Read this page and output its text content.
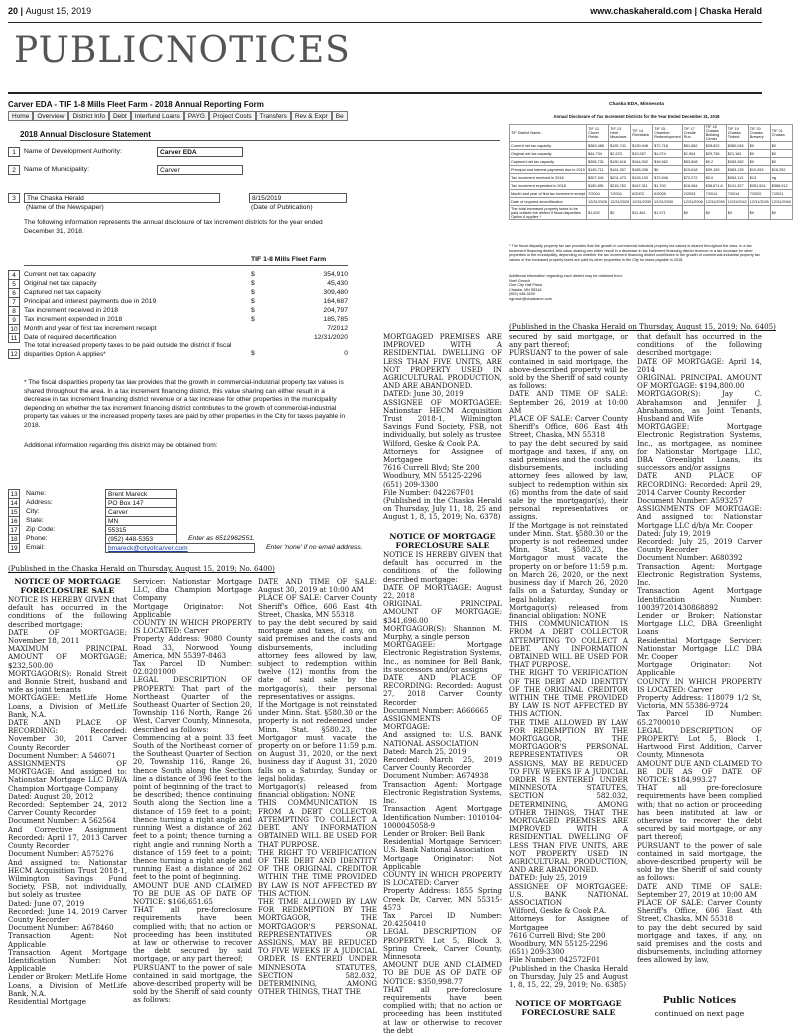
20 | August 15, 2019	www.chaskaherald.com | Chaska Herald
PUBLICNOTICES
Carver EDA - TIF 1-8 Mills Fleet Farm - 2018 Annual Reporting Form
Home	Overview	District Info	Debt	Interfund Loans	PAYG	Project Costs	Transfers	Rev & Expr	Be
2018 Annual Disclosure Statement
1	Name of Development Authority:	Carver EDA
2	Name of Municipality:	Carver
3	The Chaska Herald
(Name of the Newspaper)
8/15/2019
(Date of Publication)
The following information represents the annual disclosure of tax increment districts for the year ended December 31, 2018.
TIF 1-8 Mills Fleet Farm
4	Current net tax capacity	$	354,910
5	Original net tax capacity	$	45,430
6	Captured net tax capacity	$	309,480
7	Principal and interest payments due in 2019	$	164,687
8	Tax increment received in 2018	$	204,797
9	Tax increment expended in 2018	$	185,785
10 Month and year of first tax increment receipt	7/2012
11 Date of required decertification	12/31/2020
12
The total increased property taxes to be paid outside the district if fiscal disparities Option A applies*	$	0
* The fiscal disparities property tax law provides that the growth in commercial-industrial property tax values is shared throughout the area. In a tax increment financing district, this value sharing can either result in a decrease in tax increment financing district revenue or a tax increase for other properties in the municipality depending on whether the tax increment financing district contributes to the growth of commercial-industrial property tax values or the increased property taxes are paid by other properties in the City for taxes payable in 2018.
Additional information regarding this district may be obtained from:
13	Name:	Brent Mareck
14	Address:	PO Box 147
15	City:	Carver
16	State:	MN
17	Zip Code:	55315
18	Phone:	(952) 448-5353	Enter as 6512962551.
19	Email:	bmareck@cityofcarver.com	Enter 'none' if no email address.
Chaska EDA, Minnesota
Annual Disclosure of Tax Increment Districts for the Year Ended December 31, 2018
TIF District Name:	TIF 12 Clover Fields	TIF 13 Herb Meadows	TIF 14 Riverbank	TIF 15 Chamber Redevelopment	TIF 17 Crestle Run	TIF 18 Chaska Building Center	TIF 19 Chaska Trident	TIF 20 Chaska Brewery	TIF 21 Chaska
Current net tax capacity	$363,465	$192,741	$130,948	$72,718	$51,582	$28,822	$380,045	$0	$0
Original net tax capacity	$44,734	$2,223	$19,267	$1,074	$1,904	$29,736	$21,181	$0	$0
Captured net tax capacity	$308,731	$190,518	$164,302	$16,962	$53,608	$0.2	$283,282	$0	$0
Principal and interest payments due in 2019	$145,711	$161,307	$185,338	$0	$19,618	$39,159	$383,135	$10,493	$16,252
Tax increment received in 2018	$307,341	$201,473	$126,193	$72,946	$72,272	$0.0	$284,113	$13	ng
Tax increment expended in 2018	$150,851	$215,762	$167,311	$1,700	$16,064	$38,871.8	$101,327	$281,524	$388,912
Month and year of first tax increment receipt	7/2004	7/2004	6/2003	6/2005	2/2003	7/2014	7/2014	7/2020	7/2021
Date of required decertification	12/31/2026	12/31/2029	12/31/2030	12/31/2030	12/31/2006	12/31/2039	12/31/2042	12/31/2045	12/31/2046
The total increased property taxes to be paid outside the district if fiscal disparities Option A applies *	$1,632	$0	$11,461	$1,971	$0	$0	$0	$0	$0
* The fiscal disparity property tax law provides that the growth in commercial-industrial property tax values is shared throughout the area. In a tax increment financing district, this value sharing can either result in a decrease in tax increment financing district revenue or a tax increase for other properties in the municipality, depending on whether the tax increment financing district contributes to the growth of commercial-industrial property tax values or the increased property taxes are paid by other properties in the City for taxes payable in 2018.
Additional information regarding each district may be obtained from:
Noel Grosch
One City Hall Plaza
Chaska, MN 55318
(952) 448-9200
ngrosch@chaskamn.com
(Published in the Chaska Herald on Thursday, August 15, 2019; No. 6405)
(Published in the Chaska Herald on Thursday, August 15, 2019; No. 6400)
NOTICE OF MORTGAGE
FORECLOSURE SALE
NOTICE IS HEREBY GIVEN that default has occurred in the conditions of the following described mortgage:
DATE OF MORTGAGE: November 18, 2011
MAXIMUM PRINCIPAL AMOUNT OF MORTGAGE: $232,500.00
MORTGAGOR(S): Ronald Streit and Bonnie Streit, husband and wife as joint tenants
MORTGAGEE: MetLife Home Loans, a Division of MetLife Bank, N.A.
DATE AND PLACE OF RECORDING: Recorded: November 30, 2011 Carver County Recorder
Document Number: A 546071
ASSIGNMENTS OF MORTGAGE: And assigned to: Nationstar Mortgage LLC D/B/A Champion Mortgage Company
Dated: August 20, 2012
Recorded: September 24, 2012 Carver County Recorder
Document Number: A 562564
And Corrective Assignment Recorded: April 17, 2013 Carver County Recorder
Document Number: A575276
And assigned to: Nationstar HECM Acquisition Trust 2018-1, Wilmington Savings Fund Society, FSB, not individually, but solely as trustee
Dated: June 07, 2019
Recorded: June 14, 2019 Carver County Recorder
Document Number: A678460
Transaction Agent: Not Applicable
Transaction Agent Mortgage Identification Number: Not Applicable
Lender or Broker: MetLife Home Loans, a Division of MetLife Bank, N.A.
Residential Mortgage
Servicer: Nationstar Mortgage LLC, dba Champion Mortgage Company
Mortgage Originator: Not Applicable
COUNTY IN WHICH PROPERTY IS LOCATED: Carver
Property Address: 9080 County Road 33, Norwood Young America, MN 55397-8463
Tax Parcel ID Number: 02.0201000
LEGAL DESCRIPTION OF PROPERTY: That part of the Northeast Quarter of the Southeast Quarter of Section 20, Township 116 North, Range 26 West, Carver County, Minnesota, described as follows:
Commencing at a point 33 feet South of the Northeast corner of the Southeast Quarter of Section 20, Township 116, Range 26, thence South along the Section line a distance of 396 feet to the point of beginning of the tract to be described; thence continuing South along the Section line a distance of 159 feet to a point; thence turning a right angle and running West a distance of 262 feet to a point; thence turning a right angle and running North a distance of 159 feet to a point; thence turning a right angle and running East a distance of 262 feet to the point of beginning.
AMOUNT DUE AND CLAIMED TO BE DUE AS OF DATE OF NOTICE: $166,651.65
THAT all pre-foreclosure requirements have been complied with; that no action or proceeding has been instituted at law or otherwise to recover the debt secured by said mortgage, or any part thereof;
PURSUANT to the power of sale contained in said mortgage, the above-described property will be sold by the Sheriff of said county as follows:
DATE AND TIME OF SALE: August 30, 2019 at 10:00 AM
PLACE OF SALE: Carver County Sheriff's Office, 606 East 4th Street, Chaska, MN 55318
to pay the debt secured by said mortgage and taxes, if any, on said premises and the costs and disbursements, including attorney fees allowed by law, subject to redemption within twelve (12) months from the date of said sale by the mortgagor(s), their personal representatives or assigns.
If the Mortgage is not reinstated under Minn. Stat. §580.30 or the property is not redeemed under Minn. Stat. §580.23, the Mortgagor must vacate the property on or before 11:59 p.m. on August 31, 2020, or the next business day if August 31, 2020 falls on a Saturday, Sunday or legal holiday.
Mortgagor(s) released from financial obligation: NONE
THIS COMMUNICATION IS FROM A DEBT COLLECTOR ATTEMPTING TO COLLECT A DEBT. ANY INFORMATION OBTAINED WILL BE USED FOR THAT PURPOSE.
THE RIGHT TO VERIFICATION OF THE DEBT AND IDENTITY OF THE ORIGINAL CREDITOR WITHIN THE TIME PROVIDED BY LAW IS NOT AFFECTED BY THIS ACTION.
THE TIME ALLOWED BY LAW FOR REDEMPTION BY THE MORTGAGOR, THE MORTGAGOR'S PERSONAL REPRESENTATIVES OR ASSIGNS, MAY BE REDUCED TO FIVE WEEKS IF A JUDICIAL ORDER IS ENTERED UNDER MINNESOTA STATUTES, SECTION 582.032, DETERMINING, AMONG OTHER THINGS, THAT THE
MORTGAGED PREMISES ARE IMPROVED WITH A RESIDENTIAL DWELLING OF LESS THAN FIVE UNITS, ARE NOT PROPERTY USED IN AGRICULTURAL PRODUCTION, AND ARE ABANDONED.
DATED: June 30, 2019
ASSIGNEE OF MORTGAGEE: Nationstar HECM Acquisition Trust 2018-1, Wilmington Savings Fund Society, FSB, not individually, but solely as trustee
Wilford, Geske & Cook P.A.
Attorneys for Assignee of Mortgagee
7616 Currell Blvd; Ste 200
Woodbury, MN 55125-2296
(651) 209-3300
File Number: 042267F01
(Published in the Chaska Herald on Thursday, July 11, 18, 25 and August 1, 8, 15, 2019; No. 6378)
NOTICE OF MORTGAGE
FORECLOSURE SALE
NOTICE IS HEREBY GIVEN that default has occurred in the conditions of the following described mortgage:
DATE OF MORTGAGE: August 22, 2018
ORIGINAL PRINCIPAL AMOUNT OF MORTGAGE: $341,696.00
MORTGAGOR(S): Shannon M. Murphy, a single person
MORTGAGEE: Mortgage Electronic Registration Systems, Inc., as nominee for Bell Bank, its successors and/or assigns
DATE AND PLACE OF RECORDING: Recorded: August 27, 2018 Carver County Recorder
Document Number: A666665
ASSIGNMENTS OF MORTGAGE:
And assigned to: U.S. BANK NATIONAL ASSOCIATION
Dated: March 25, 2019
Recorded: March 25, 2019 Carver County Recorder
Document Number: A674938
Transaction Agent: Mortgage Electronic Registration Systems, Inc.
Transaction Agent Mortgage Identification Number: 1010104-1000045058-9
Lender or Broker: Bell Bank
Residential Mortgage Servicer: U.S. Bank National Association
Mortgage Originator: Not Applicable
COUNTY IN WHICH PROPERTY IS LOCATED: Carver
Property Address: 1855 Spring Creek Dr, Carver, MN 55315-4573
Tax Parcel ID Number: 20.4250410
LEGAL DESCRIPTION OF PROPERTY: Lot 5, Block 3, Spring Creek, Carver County, Minnesota
AMOUNT DUE AND CLAIMED TO BE DUE AS OF DATE OF NOTICE: $350,998.77
THAT all pre-foreclosure requirements have been complied with; that no action or proceeding has been instituted at law or otherwise to recover the debt
secured by said mortgage, or any part thereof;
PURSUANT to the power of sale contained in said mortgage, the above-described property will be sold by the Sheriff of said county as follows:
DATE AND TIME OF SALE: September 26, 2019 at 10:00 AM
PLACE OF SALE: Carver County Sheriff's Office, 606 East 4th Street, Chaska, MN 55318
to pay the debt secured by said mortgage and taxes, if any, on said premises and the costs and disbursements, including attorney fees allowed by law, subject to redemption within six (6) months from the date of said sale by the mortgagor(s), their personal representatives or assigns.
If the Mortgage is not reinstated under Minn. Stat. §580.30 or the property is not redeemed under Minn. Stat. §580.23, the Mortgagor must vacate the property on or before 11:59 p.m. on March 26, 2020, or the next business day if March 26, 2020 falls on a Saturday, Sunday or legal holiday.
Mortgagor(s) released from financial obligation: NONE
THIS COMMUNICATION IS FROM A DEBT COLLECTOR ATTEMPTING TO COLLECT A DEBT. ANY INFORMATION OBTAINED WILL BE USED FOR THAT PURPOSE.
THE RIGHT TO VERIFICATION OF THE DEBT AND IDENTITY OF THE ORIGINAL CREDITOR WITHIN THE TIME PROVIDED BY LAW IS NOT AFFECTED BY THIS ACTION.
THE TIME ALLOWED BY LAW FOR REDEMPTION BY THE MORTGAGOR, THE MORTGAGOR'S PERSONAL REPRESENTATIVES OR ASSIGNS, MAY BE REDUCED TO FIVE WEEKS IF A JUDICIAL ORDER IS ENTERED UNDER MINNESOTA STATUTES, SECTION 582.032, DETERMINING, AMONG OTHER THINGS, THAT THE MORTGAGED PREMISES ARE IMPROVED WITH A RESIDENTIAL DWELLING OF LESS THAN FIVE UNITS, ARE NOT PROPERTY USED IN AGRICULTURAL PRODUCTION, AND ARE ABANDONED.
DATED: July 25, 2019
ASSIGNEE OF MORTGAGEE: U.S. BANK NATIONAL ASSOCIATION
Wilford, Geske & Cook P.A.
Attorneys for Assignee of Mortgagee
7616 Currell Blvd; Ste 200
Woodbury, MN 55125-2296
(651) 209-3300
File Number: 042572F01
(Published in the Chaska Herald on Thursday, July 25 and August 1, 8, 15, 22, 29, 2019; No. 6385)
NOTICE OF MORTGAGE
FORECLOSURE SALE
that default has occurred in the conditions of the following described mortgage:
DATE OF MORTGAGE: April 14, 2014
ORIGINAL PRINCIPAL AMOUNT OF MORTGAGE: $194,800.00
MORTGAGOR(S): Jay C. Abrahamson and Jennifer J. Abrahamson, as Joint Tenants, Husband and Wife
MORTGAGEE: Mortgage Electronic Registration Systems, Inc., as mortgagee, as nominee for Nationstar Mortgage LLC, DBA Greenlight Loans, its successors and/or assigns
DATE AND PLACE OF RECORDING: Recorded: April 29, 2014 Carver County Recorder
Document Number: A593257
ASSIGNMENTS OF MORTGAGE: And assigned to: Nationstar Mortgage LLC d/b/a Mr. Cooper
Dated: July 19, 2019
Recorded: July 25, 2019 Carver County Recorder
Document Number: A680392
Transaction Agent: Mortgage Electronic Registration Systems, Inc.
Transaction Agent Mortgage Identification Number: 100397201430868892
Lender or Broker: Nationstar Mortgage LLC, DBA Greenlight Loans
Residential Mortgage Servicer: Nationstar Mortgage LLC DBA Mr. Cooper
Mortgage Originator: Not Applicable
COUNTY IN WHICH PROPERTY IS LOCATED: Carver
Property Address: 118079 1/2 St, Victoria, MN 55386-9724
Tax Parcel ID Number: 65.2700010
LEGAL DESCRIPTION OF PROPERTY: Lot 5, Block 1, Hartwood First Addition, Carver County, Minnesota
AMOUNT DUE AND CLAIMED TO BE DUE AS OF DATE OF NOTICE: $184,993.27
THAT all pre-foreclosure requirements have been complied with; that no action or proceeding has been instituted at law or otherwise to recover the debt secured by said mortgage, or any part thereof;
PURSUANT to the power of sale contained in said mortgage, the above-described property will be sold by the Sheriff of said county as follows:
DATE AND TIME OF SALE: September 27, 2019 at 10:00 AM
PLACE OF SALE: Carver County Sheriff's Office, 606 East 4th Street, Chaska, MN 55318
to pay the debt secured by said mortgage and taxes, if any, on said premises and the costs and disbursements, including attorney fees allowed by law,
Public Notices
continued on next page
